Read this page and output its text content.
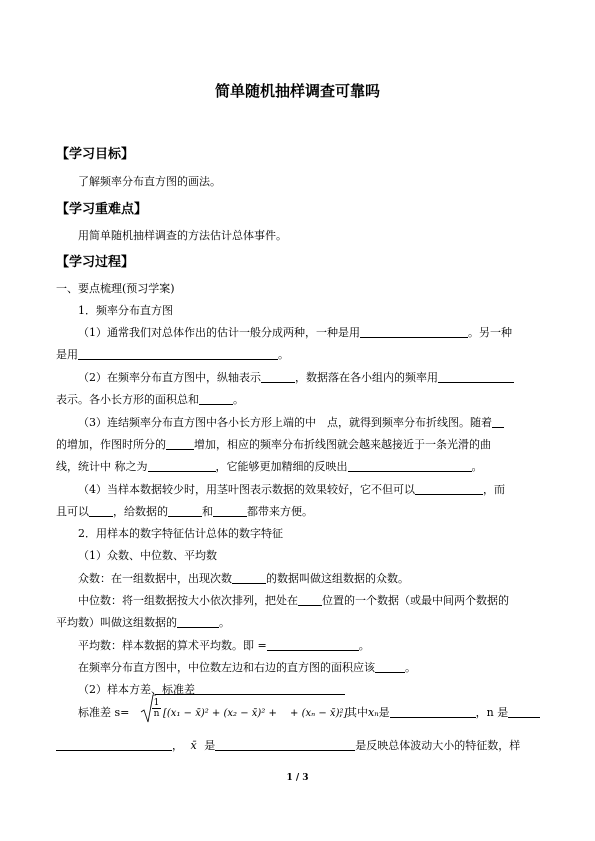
简单随机抽样调查可靠吗
【学习目标】
了解频率分布直方图的画法。
【学习重难点】
用简单随机抽样调查的方法估计总体事件。
【学习过程】
一、要点梳理(预习学案)
1．频率分布直方图
（1）通常我们对总体作出的估计一般分成两种，一种是用	。另一种
是用	。
（2）在频率分布直方图中，纵轴表示	，数据落在各小组内的频率用
表示。各小长方形的面积总和	。
（3）连结频率分布直方图中各小长方形上端的中　点，就得到频率分布折线图。随着
的增加，作图时所分的	增加，相应的频率分布折线图就会越来越接近于一条光滑的曲
线，统计中 称之为	，它能够更加精细的反映出	。
（4）当样本数据较少时，用茎叶图表示数据的效果较好，它不但可以	，而
且可以 ，给数据的	和	都带来方便。
2．用样本的数字特征估计总体的数字特征
（1）众数、中位数、平均数
众数：在一组数据中，出现次数	的数据叫做这组数据的众数。
中位数：将一组数据按大小依次排列，把处在 位置的一个数据（或最中间两个数据的
平均数）叫做这组数据的	。
平均数：样本数据的算术平均数。即 =	。
在频率分布直方图中，中位数左边和右边的直方图的面积应该	。
（2）样本方差、标准差
标准差 s=	$\frac{1}{n} [(x_1$ − x̄)² + (x₂ − x̄)² +　 + (xₙ − x̄)²]
, 其中xₙ是	，n 是
， x̄ 是	是反映总体波动大小的特征数，样
1 / 3
